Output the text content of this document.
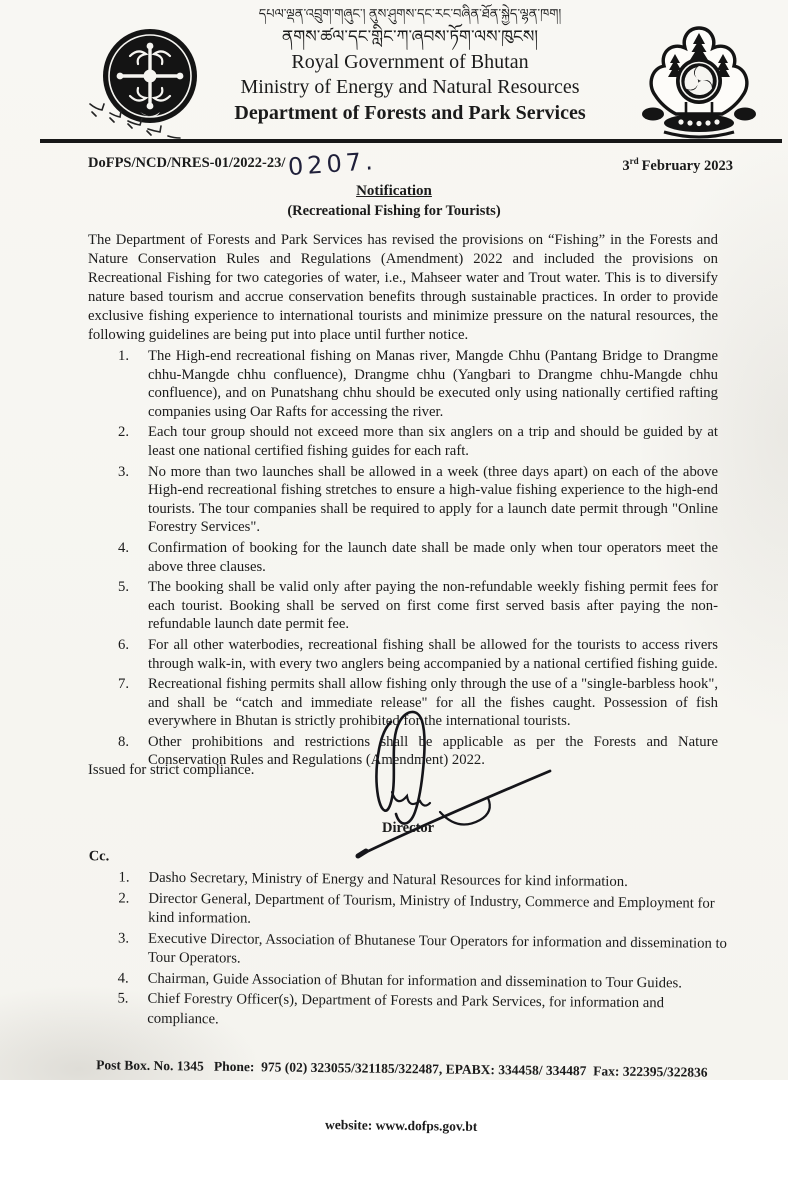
དཔལ་ལྡན་འབྲུག་གཞུང་། ནུས་ཤུགས་དང་རང་བཞིན་ཐོན་སྐྱེད་ལྷན་ཁག།
ནགས་ཚལ་དང་གླིང་ཀ་ཞབས་ཏོག་ལས་ཁུངས།
Royal Government of Bhutan
Ministry of Energy and Natural Resources
Department of Forests and Park Services
DoFPS/NCD/NRES-01/2022-23/0207.	3rd February 2023
Notification
(Recreational Fishing for Tourists)
The Department of Forests and Park Services has revised the provisions on “Fishing” in the Forests and Nature Conservation Rules and Regulations (Amendment) 2022 and included the provisions on Recreational Fishing for two categories of water, i.e., Mahseer water and Trout water. This is to diversify nature based tourism and accrue conservation benefits through sustainable practices. In order to provide exclusive fishing experience to international tourists and minimize pressure on the natural resources, the following guidelines are being put into place until further notice.
The High-end recreational fishing on Manas river, Mangde Chhu (Pantang Bridge to Drangme chhu-Mangde chhu confluence), Drangme chhu (Yangbari to Drangme chhu-Mangde chhu confluence), and on Punatshang chhu should be executed only using nationally certified rafting companies using Oar Rafts for accessing the river.
Each tour group should not exceed more than six anglers on a trip and should be guided by at least one national certified fishing guides for each raft.
No more than two launches shall be allowed in a week (three days apart) on each of the above High-end recreational fishing stretches to ensure a high-value fishing experience to the high-end tourists. The tour companies shall be required to apply for a launch date permit through "Online Forestry Services".
Confirmation of booking for the launch date shall be made only when tour operators meet the above three clauses.
The booking shall be valid only after paying the non-refundable weekly fishing permit fees for each tourist. Booking shall be served on first come first served basis after paying the non-refundable launch date permit fee.
For all other waterbodies, recreational fishing shall be allowed for the tourists to access rivers through walk-in, with every two anglers being accompanied by a national certified fishing guide.
Recreational fishing permits shall allow fishing only through the use of a "single-barbless hook", and shall be “catch and immediate release" for all the fishes caught. Possession of fish everywhere in Bhutan is strictly prohibited for the international tourists.
Other prohibitions and restrictions shall be applicable as per the Forests and Nature Conservation Rules and Regulations (Amendment) 2022.
Issued for strict compliance.
Director
Cc.
Dasho Secretary, Ministry of Energy and Natural Resources for kind information.
Director General, Department of Tourism, Ministry of Industry, Commerce and Employment for kind information.
Executive Director, Association of Bhutanese Tour Operators for information and dissemination to Tour Operators.
Chairman, Guide Association of Bhutan for information and dissemination to Tour Guides.
Chief Forestry Officer(s), Department of Forests and Park Services, for information and compliance.

Post Box. No. 1345   Phone:  975 (02) 323055/321185/322487, EPABX: 334458/ 334487  Fax: 322395/322836

website: www.dofps.gov.bt
